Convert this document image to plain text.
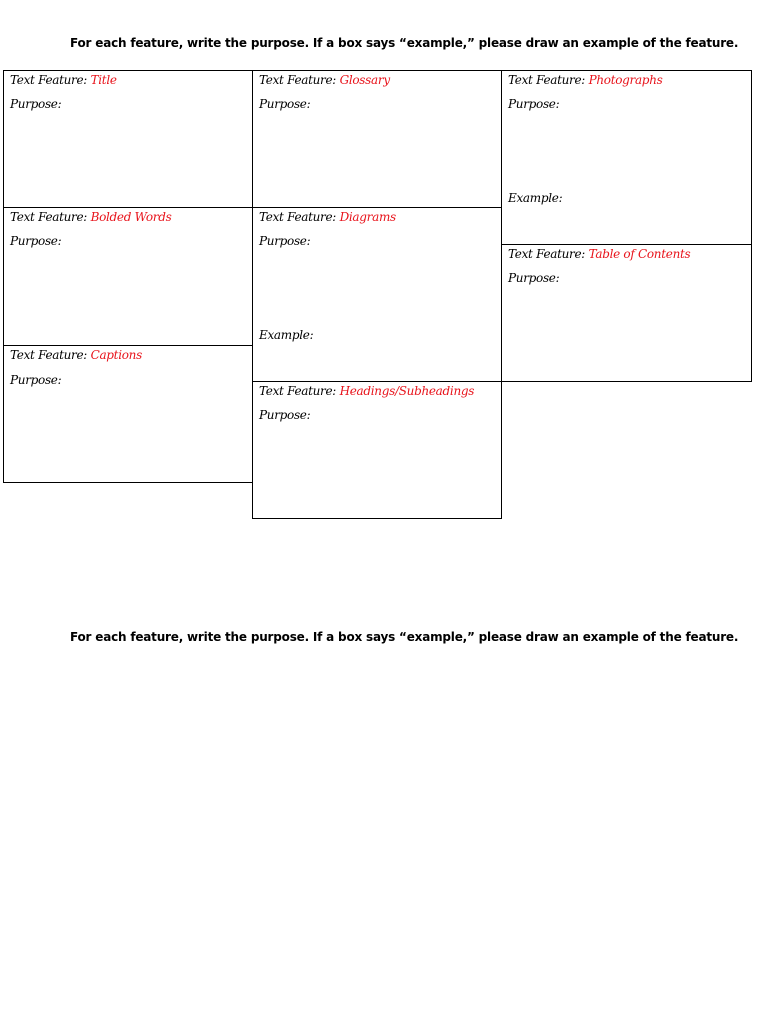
For each feature, write the purpose. If a box says “example,” please draw an example of the feature.
Text Feature: Title
Purpose:
Text Feature: Bolded Words
Purpose:
Text Feature: Captions
Purpose:
Text Feature: Glossary
Purpose:
Text Feature: Diagrams
Purpose:
Example:
Text Feature: Headings/Subheadings
Purpose:
Text Feature: Photographs
Purpose:
Example:
Text Feature: Table of Contents
Purpose:
For each feature, write the purpose. If a box says “example,” please draw an example of the feature.
